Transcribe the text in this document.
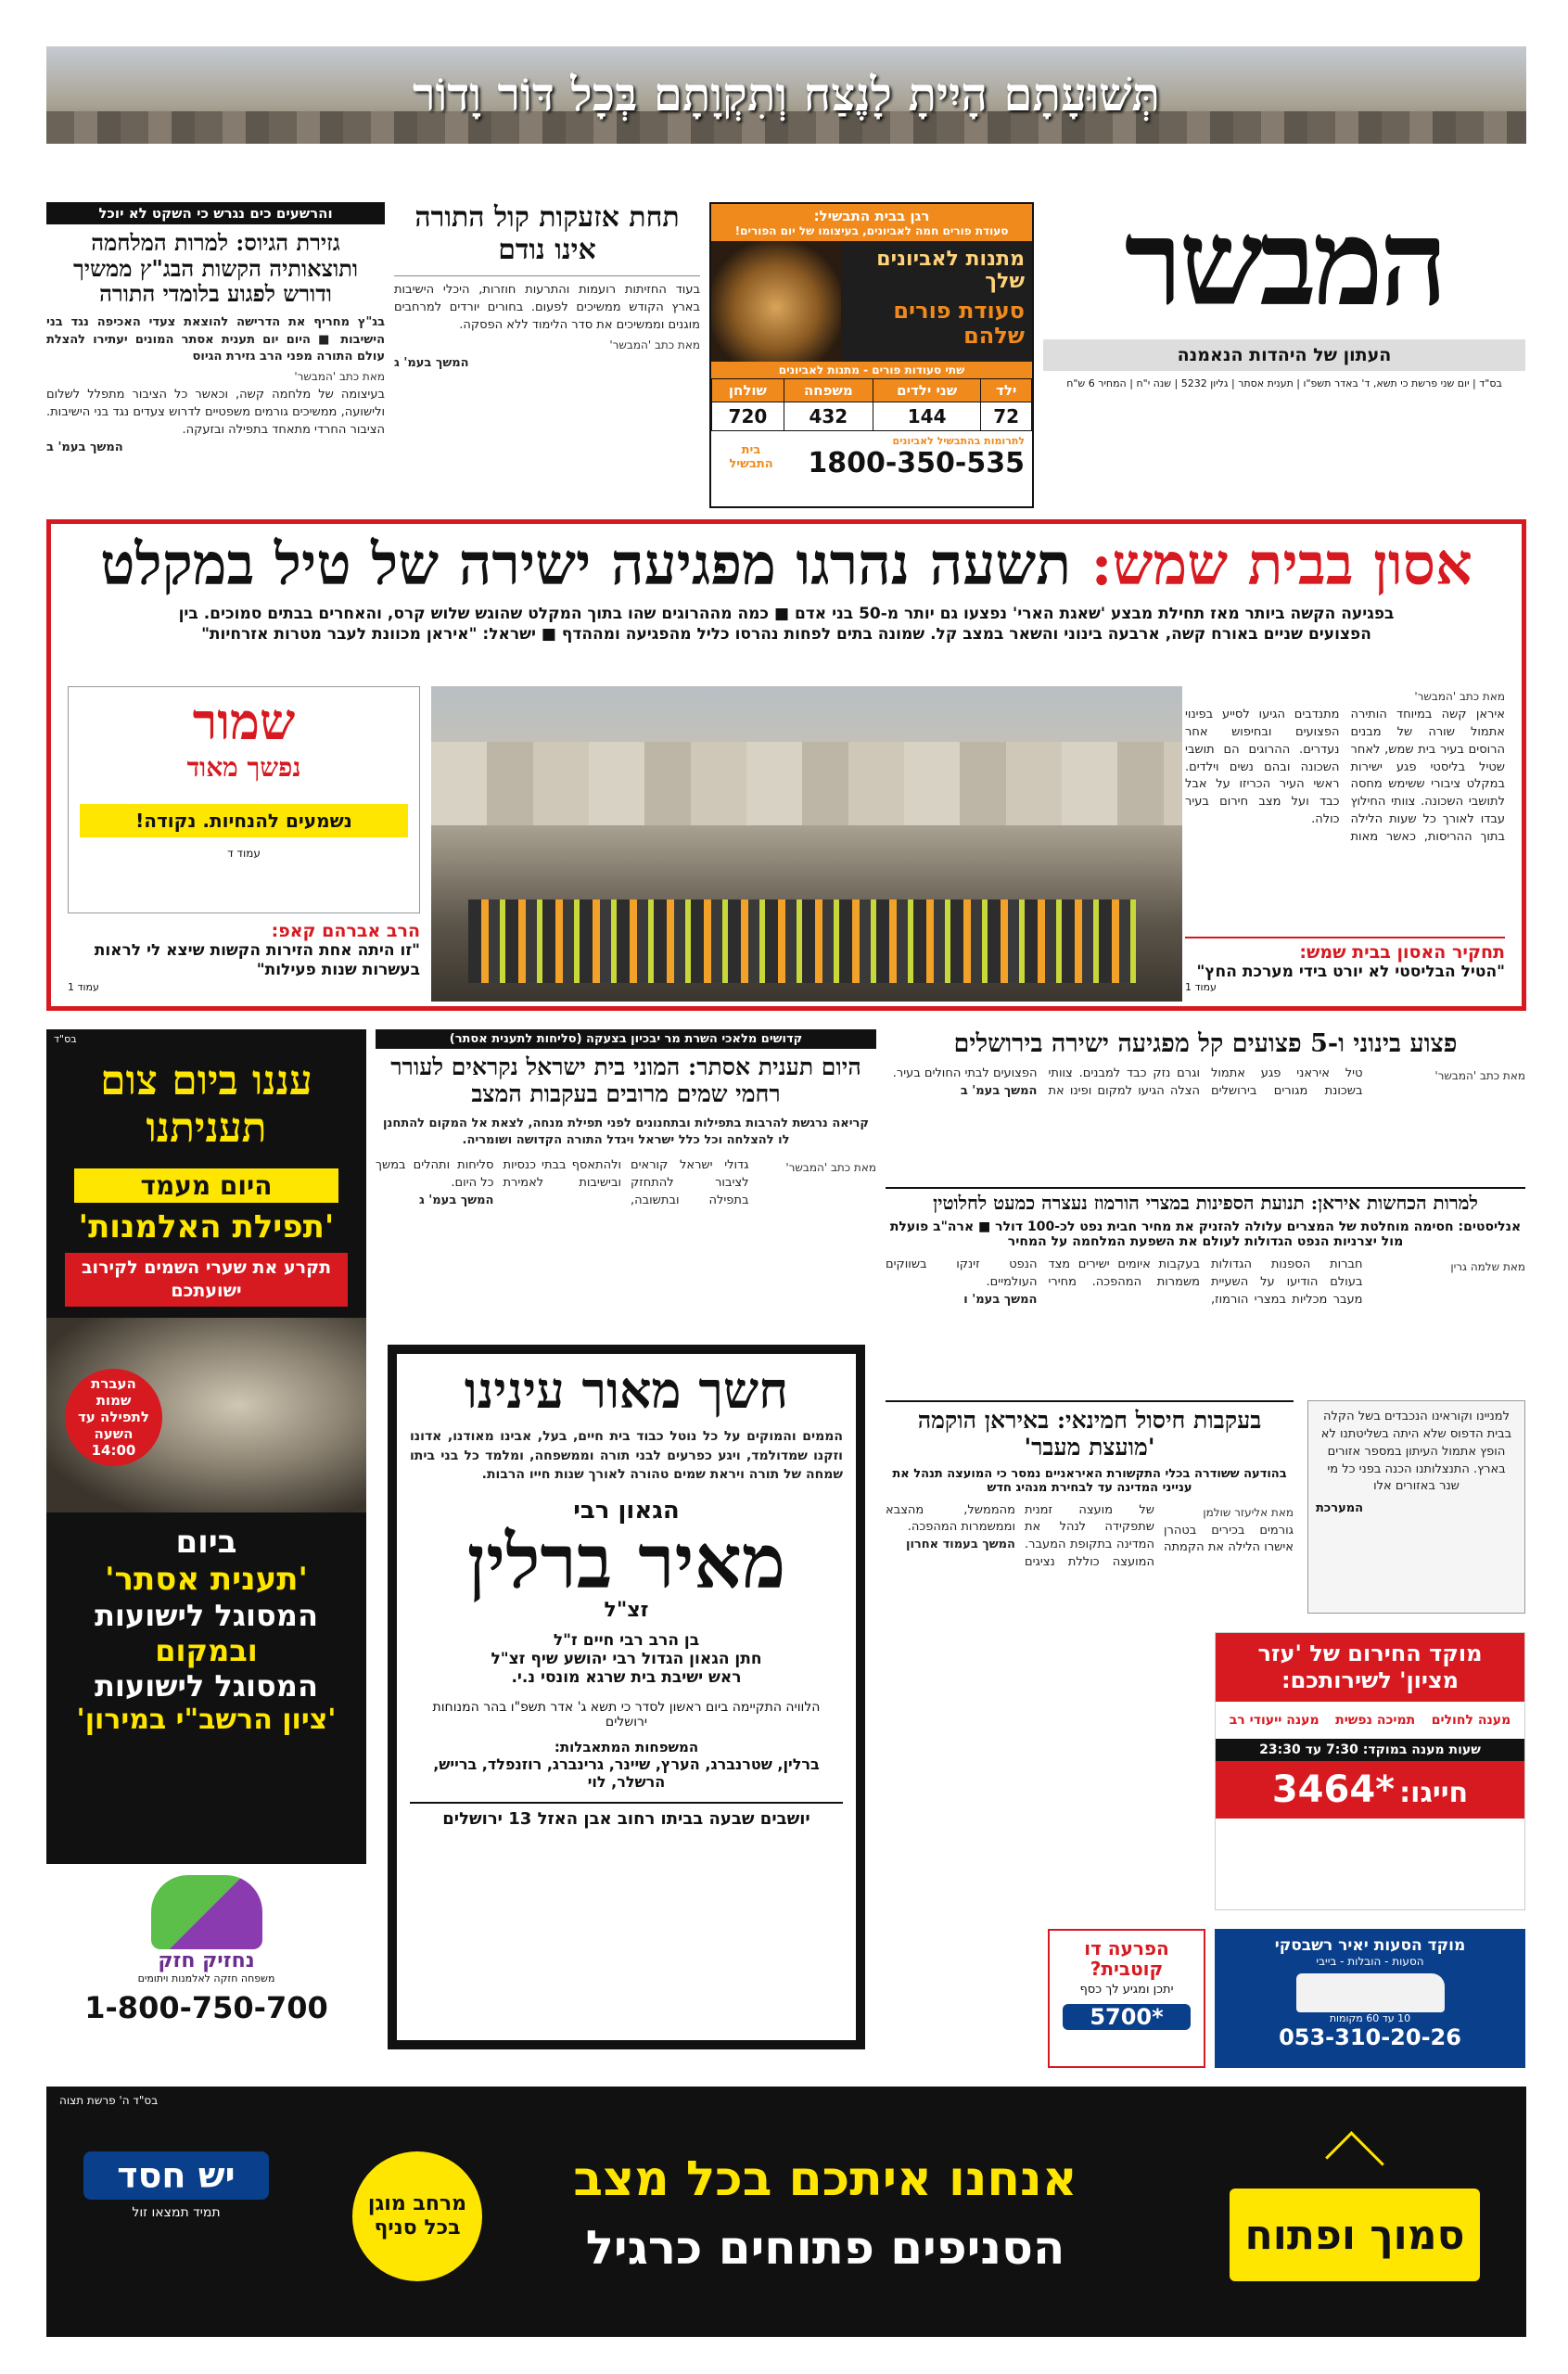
תְּשׁוּעָתָם הָיִיתָ לָנֶצַח וְתִקְוָתָם בְּכָל דּוֹר וָדוֹר
המבשר
העתון של היהדות הנאמנה
בס"ד | יום שני פרשת כי תשא, ד' באדר תשפ"ו | תענית אסתר | גליון 5232 | שנה י"ח | המחיר 6 ש"ח
רגן בבית התבשיל:
סעודת פורים חמה לאביונים, בעיצומו של יום הפורים!
מתנות לאביונים שלך
סעודת פורים שלהם
שתי סעודות פורים - מתנות לאביונים
ילד	שני ילדים	משפחה	שולחן
72	144	432	720
לתרומות בהתבשיל לאביונים
1800-350-535
בית התבשיל
תחת אזעקות קול התורה אינו נודם
בעוד החזיתות רועמות והתרעות חוזרות, היכלי הישיבות בארץ הקודש ממשיכים לפעום. בחורים יורדים למרחבים מוגנים וממשיכים את סדר הלימוד ללא הפסקה.
מאת כתב 'המבשר'
המשך בעמ' ג
והרשעים כים נגרש כי השקט לא יוכל
גזירת הגיוס: למרות המלחמה ותוצאותיה הקשות הבג"ץ ממשיך ודורש לפגוע בלומדי התורה
בג"ץ מחריף את הדרישה להוצאת צעדי האכיפה נגד בני הישיבות ■ היום יום תענית אסתר המונים יעתירו להצלת עולם התורה מפני הרב גזירת הגיוס
מאת כתב 'המבשר'
בעיצומה של מלחמה קשה, וכאשר כל הציבור מתפלל לשלום ולישועה, ממשיכים גורמים משפטיים לדרוש צעדים נגד בני הישיבות. הציבור החרדי מתאחד בתפילה ובזעקה.
המשך בעמ' ב
אסון בבית שמש: תשעה נהרגו מפגיעה ישירה של טיל במקלט
בפגיעה הקשה ביותר מאז תחילת מבצע 'שאגת הארי' נפצעו גם יותר מ-50 בני אדם ■ כמה מההרוגים שהו בתוך המקלט שהוגש שלוש קרס, והאחרים בבתים סמוכים. בין
הפצועים שניים באורח קשה, ארבעה בינוני והשאר במצב קל. שמונה בתים לפחות נהרסו כליל מהפגיעה ומההדף ■ ישראל: "איראן מכוונת לעבר מטרות אזרחיות"
מאת כתב 'המבשר'
איראן קשה במיוחד הותירה אתמול שורה של מבנים הרוסים בעיר בית שמש, לאחר שטיל בליסטי פגע ישירות במקלט ציבורי ששימש מחסה לתושבי השכונה. צוותי החילוץ עבדו לאורך כל שעות הלילה בתוך ההריסות, כאשר מאות מתנדבים הגיעו לסייע בפינוי הפצועים ובחיפוש אחר נעדרים. ההרוגים הם תושבי השכונה ובהם נשים וילדים. ראשי העיר הכריזו על אבל כבד ועל מצב חירום בעיר כולה.
תחקיר האסון בבית שמש:
"הטיל הבליסטי לא יורט בידי מערכת החץ"
עמוד 1
שמור
נפשך מאוד
נשמעים להנחיות. נקודה!
עמוד ד
הרב אברהם קאפ:
"זו היתה אחת הזירות הקשות שיצא לי לראות בעשרות שנות פעילות"
עמוד 1
בס"ד
עננו ביום צום תעניתנו
היום מעמד
'תפילת האלמנות'
תקרע את שערי השמים לקירוב ישועתכם
העברת שמות לתפילה עד השעה 14:00
ביום
'תענית אסתר'
המסוגל לישועות
ובמקום
המסוגל לישועות
'ציון הרשב"י במירון'
נחזיק חזק
משפחה חזקה לאלמנות ויתומים
1-800-750-700
קדושים מלאכי השרת מר יבכיון בצעקה (סליחות לתענית אסתר)
היום תענית אסתר: המוני בית ישראל נקראים לעורר רחמי שמים מרובים בעקבות המצב
קריאה נרגשת להרבות בתפילות ובתחנונים לפני תפילת מנחה, לצאת אל המקום להתחנן לו להצלחה וכל כלל ישראל ויגדל התורה הקדושה ושומריה.
מאת כתב 'המבשר'
גדולי ישראל קוראים לציבור להתחזק בתפילה ובתשובה, ולהתאסף בבתי כנסיות ובישיבות לאמירת סליחות ותהלים במשך כל היום.
המשך בעמ' ג
חשך מאור עינינו
הממים והמוקים על כל נוטל כבוד בית חיים, בעל, אבינו מאודנו, אדונו וזקנו שמדולמד, ויגע כפרעים לבני תורה וממשפחה, ומלמד כל בני ביתו שמחה של תורה ויראת שמים טהורה לאורך שנות חייו הרבות.
הגאון רבי
מאיר ברלין
זצ"ל
בן הרב רבי חיים ז"ל
חתן הגאון הגדול רבי יהושע שיף זצ"ל
ראש ישיבת בית שרגא מונסי נ.י.
הלוויה התקיימה ביום ראשון לסדר כי תשא ג' אדר תשפ"ו בהר המנוחות ירושלים
המשפחות המתאבלות:
ברלין, שטרנברג, הערץ, שיינר, גרינברג, רוזנפלד, ברייש, הרשלר, לוי
יושבים שבעה בביתו רחוב אבן האזל 13 ירושלים
פצוע בינוני ו-5 פצועים קל מפגיעה ישירה בירושלים
מאת כתב 'המבשר'
טיל איראני פגע אתמול בשכונת מגורים בירושלים וגרם נזק כבד למבנים. צוותי הצלה הגיעו למקום ופינו את הפצועים לבתי החולים בעיר.
המשך בעמ' ב
למרות הכחשות איראן: תנועת הספינות במצרי הורמוז נעצרה כמעט לחלוטין
אנליסטים: חסימה מוחלטת של המצרים עלולה להזניק את מחיר חבית נפט לכ-100 דולר ■ ארה"ב פועלת מול יצרניות הנפט הגדולות לעולם את השפעת המלחמה על המחיר
מאת שלמה גרין
חברות הספנות הגדולות בעולם הודיעו על השעיית מעבר מכליות במצרי הורמוז, בעקבות איומים ישירים מצד משמרות המהפכה. מחירי הנפט זינקו בשווקים העולמיים.
המשך בעמ' ו
בעקבות חיסול חמינאי: באיראן הוקמה 'מועצת מעבר'
בהודעה ששודרה בכלי התקשורת האיראניים נמסר כי המועצה תנהל את ענייני המדינה עד לבחירת מנהיג חדש
מאת אליעזר שולמן
גורמים בכירים בטהרן אישרו הלילה את הקמתה של מועצה זמנית שתפקידה לנהל את המדינה בתקופת המעבר. המועצה כוללת נציגים מהממשל, מהצבא וממשמרות המהפכה.
המשך בעמוד אחרון
למניינו וקוראינו הנכבדים בשל הקלה בבית הדפוס שלא היתה בשליטתנו לא הופץ אתמול העיתון במספר אזורים בארץ. התנצלותנו הכנה בפני כל מי שנר באזורים אלו
המערכת
מוקד החירום של 'עזר מציון' לשירותכם:
מענה לחולים
תמיכה נפשית
מענה ייעודי רב
שעות מענה במוקד: 7:30 עד 23:30
חייגו: *3464
הפרעה דו קוטבית?
יתכן ומגיע לך כסף
*5700
מוקד הסעות יאיר רשבסקי
הסעות - הובלות - בייבי
10 עד 60 מקומות
053-310-20-26
בס"ד ה' פרשת תצוה
אנחנו איתכם בכל מצב
הסניפים פתוחים כרגיל
מרחב מוגן
בכל סניף
יש חסד
תמיד תמצאו זול	סמוך ופתוח
